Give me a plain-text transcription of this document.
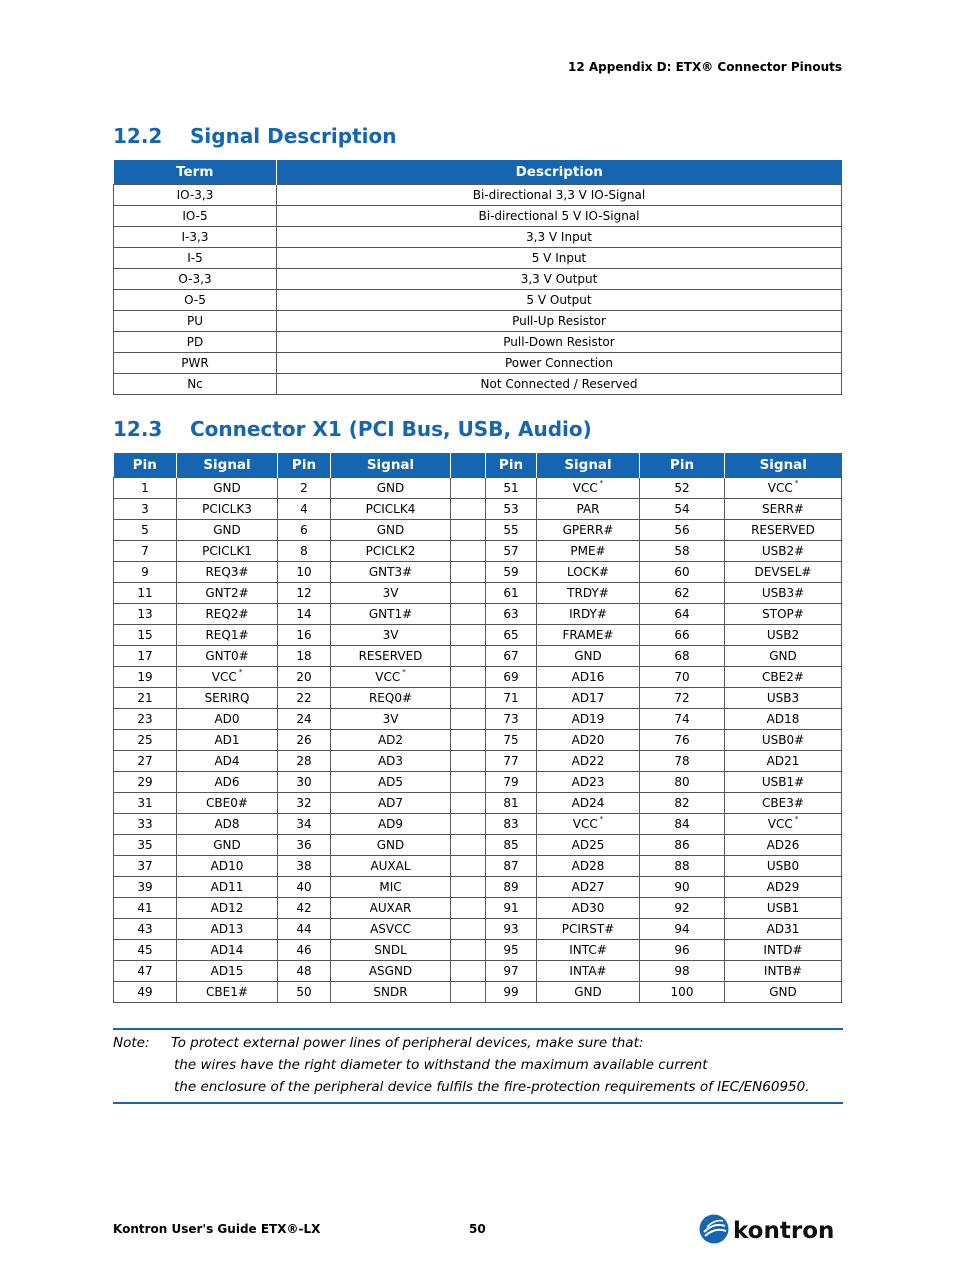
12 Appendix D: ETX® Connector Pinouts
12.2 Signal Description
Term	Description
IO-3,3	Bi-directional 3,3 V IO-Signal
IO-5	Bi-directional 5 V IO-Signal
I-3,3	3,3 V Input
I-5	5 V Input
O-3,3	3,3 V Output
O-5	5 V Output
PU	Pull-Up Resistor
PD	Pull-Down Resistor
PWR	Power Connection
Nc	Not Connected / Reserved
12.3 Connector X1 (PCI Bus, USB, Audio)
Pin	Signal	Pin	Signal		Pin	Signal	Pin	Signal
1	GND	2	GND		51	VCC *	52	VCC *
3	PCICLK3	4	PCICLK4		53	PAR	54	SERR#
5	GND	6	GND		55	GPERR#	56	RESERVED
7	PCICLK1	8	PCICLK2		57	PME#	58	USB2#
9	REQ3#	10	GNT3#		59	LOCK#	60	DEVSEL#
11	GNT2#	12	3V		61	TRDY#	62	USB3#
13	REQ2#	14	GNT1#		63	IRDY#	64	STOP#
15	REQ1#	16	3V		65	FRAME#	66	USB2
17	GNT0#	18	RESERVED		67	GND	68	GND
19	VCC *	20	VCC *		69	AD16	70	CBE2#
21	SERIRQ	22	REQ0#		71	AD17	72	USB3
23	AD0	24	3V		73	AD19	74	AD18
25	AD1	26	AD2		75	AD20	76	USB0#
27	AD4	28	AD3		77	AD22	78	AD21
29	AD6	30	AD5		79	AD23	80	USB1#
31	CBE0#	32	AD7		81	AD24	82	CBE3#
33	AD8	34	AD9		83	VCC *	84	VCC *
35	GND	36	GND		85	AD25	86	AD26
37	AD10	38	AUXAL		87	AD28	88	USB0
39	AD11	40	MIC		89	AD27	90	AD29
41	AD12	42	AUXAR		91	AD30	92	USB1
43	AD13	44	ASVCC		93	PCIRST#	94	AD31
45	AD14	46	SNDL		95	INTC#	96	INTD#
47	AD15	48	ASGND		97	INTA#	98	INTB#
49	CBE1#	50	SNDR		99	GND	100	GND
Note: To protect external power lines of peripheral devices, make sure that:
the wires have the right diameter to withstand the maximum available current
the enclosure of the peripheral device fulfils the fire-protection requirements of IEC/EN60950.
Kontron User's Guide ETX®-LX	50	kontron
